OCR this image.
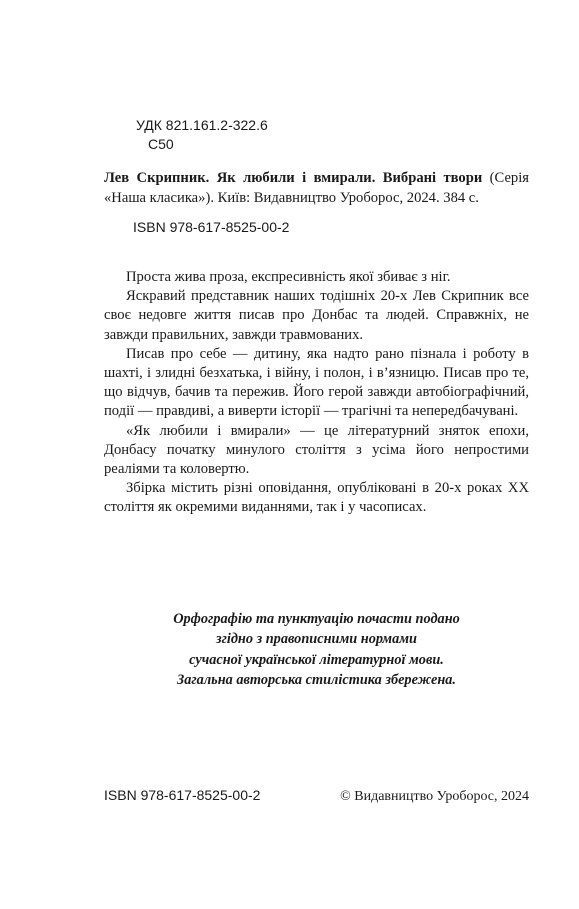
УДК 821.161.2-322.6
С50
Лев Скрипник. Як любили і вмирали. Вибрані твори (Серія «Наша класика»). Київ: Видавництво Уроборос, 2024. 384 с.
ISBN 978-617-8525-00-2

Проста жива проза, експресивність якої збиває з ніг.

Яскравий представник наших тодішніх 20-х Лев Скрипник все своє недовге життя писав про Донбас та людей. Справжніх, не завжди правильних, завжди травмованих.

Писав про себе — дитину, яка надто рано пізнала і роботу в шахті, і злидні безхатька, і війну, і полон, і в’язницю. Писав про те, що відчув, бачив та пережив. Його герой завжди автобіографічний, події — правдиві, а виверти історії — трагічні та непередбачувані.

«Як любили і вмирали» — це літературний зняток епохи, Донбасу початку минулого століття з усіма його непростими реаліями та коловертю.

Збірка містить різні оповідання, опубліковані в 20-х роках XX століття як окремими виданнями, так і у часописах.

Орфографію та пунктуацію почасти подано
згідно з правописними нормами
сучасної української літературної мови.
Загальна авторська стилістика збережена.
ISBN 978-617-8525-00-2	© Видавництво Уроборос, 2024
